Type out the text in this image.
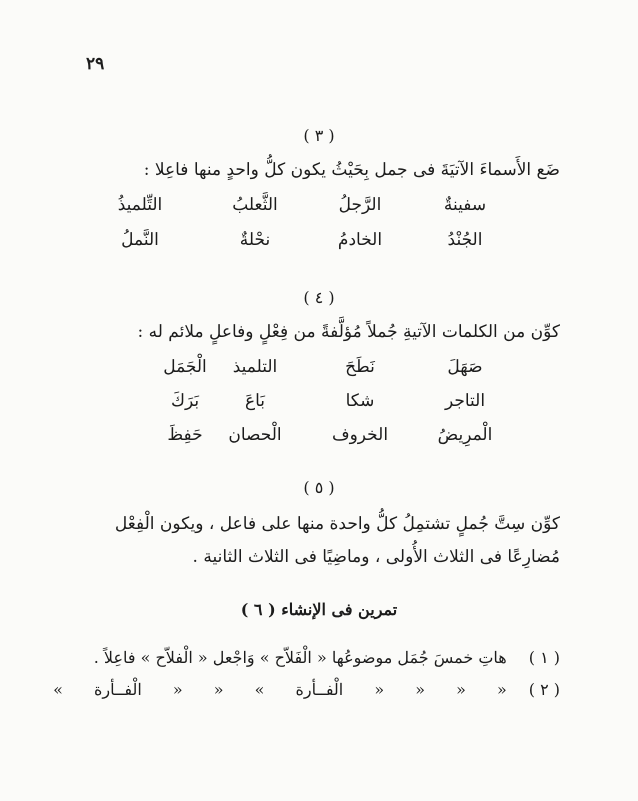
٢٩
( ٣ )
ضَع الأَسماءَ الآتيَةَ فى جمل بِحَيْثُ يكون كلُّ واحدٍ منها فاعِلا :
سفينةٌ
الرَّجلُ
الثَّعلبُ
التِّلميذُ
الجُنْدُ
الخادمُ
نحْلةٌ
النَّملُ
( ٤ )
كوِّن من الكلمات الآتيةِ جُملاً مُؤلَّفةً من فِعْلٍ وفاعلٍ ملائم له :
صَهَلَ
نَطَحَ
التلميذ
الْجَمَل
التاجر
شكا
بَاعَ
بَرَكَ
الْمرِيضُ
الخروف
الْحصان
حَفِظَ
( ٥ )
كوِّن سِتَّ جُملٍ تشتمِلُ كلُّ واحدة منها على فاعل ، ويكون الْفِعْل
مُضارِعًا فى الثلاث الأُولى ، وماضِيًا فى الثلاث الثانية .
( ٦ ) تمرين فى الإنشاء
( ١ )هاتِ خمسَ جُمَل موضوعُها « الْفَلاّح » وَاجْعل « الْفلاّح » فاعِلاً .
( ٢ )« « « « الْفــأرة » « « الْفــأرة »
